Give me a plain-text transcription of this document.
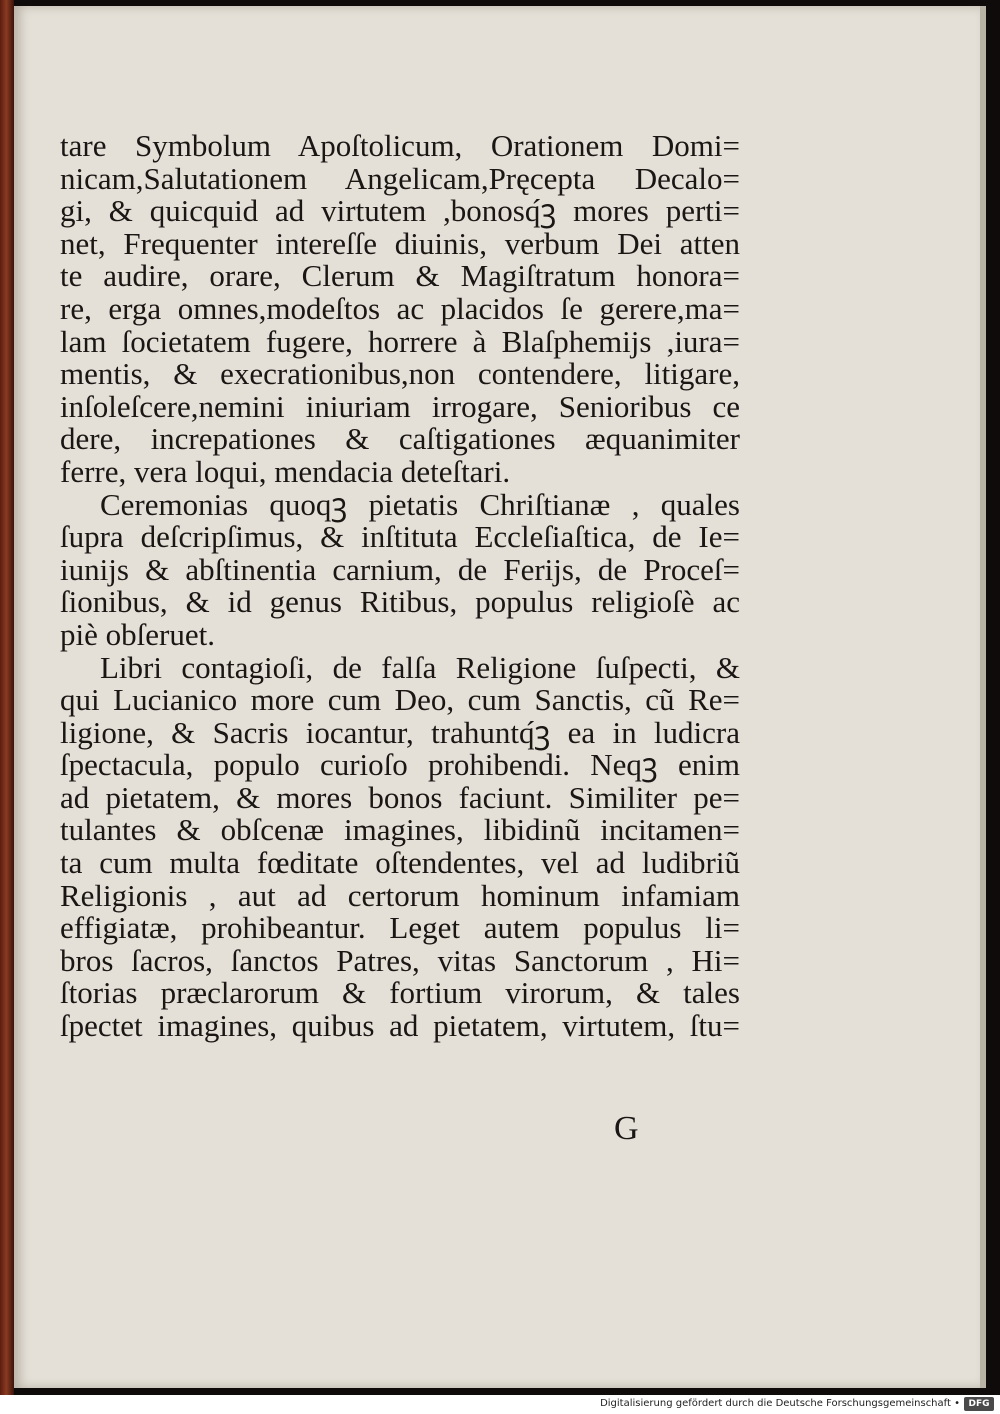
tare Symbolum Apoſtolicum, Orationem Domi=
nicam,Salutationem Angelicam,Pręcepta Decalo=
gi, & quicquid ad virtutem ,bonosq́ꝫ mores perti=
net, Frequenter intereſſe diuinis, verbum Dei atten
te audire, orare, Clerum & Magiſtratum honora=
re, erga omnes,modeſtos ac placidos ſe gerere,ma=
lam ſocietatem fugere, horrere à Blaſphemijs ,iura=
mentis, & execrationibus,non contendere, litigare,
inſoleſcere,nemini iniuriam irrogare, Senioribus ce
dere, increpationes & caſtigationes æquanimiter
ferre, vera loqui, mendacia deteſtari.
Ceremonias quoqꝫ pietatis Chriſtianæ , quales
ſupra deſcripſimus, & inſtituta Eccleſiaſtica, de Ie=
iunijs & abſtinentia carnium, de Ferijs, de Proceſ=
ſionibus, & id genus Ritibus, populus religioſè ac
piè obſeruet.
Libri contagioſi, de falſa Religione ſuſpecti, &
qui Lucianico more cum Deo, cum Sanctis, cũ Re=
ligione, & Sacris iocantur, trahuntq́ꝫ ea in ludicra
ſpectacula, populo curioſo prohibendi. Neqꝫ enim
ad pietatem, & mores bonos faciunt. Similiter pe=
tulantes & obſcenæ imagines, libidinũ incitamen=
ta cum multa fœditate oſtendentes, vel ad ludibriũ
Religionis , aut ad certorum hominum infamiam
effigiatæ, prohibeantur. Leget autem populus li=
bros ſacros, ſanctos Patres, vitas Sanctorum , Hi=
ſtorias præclarorum & fortium virorum, & tales
ſpectet imagines, quibus ad pietatem, virtutem, ſtu=
G
Digitalisierung gefördert durch die Deutsche Forschungsgemeinschaft • DFG
